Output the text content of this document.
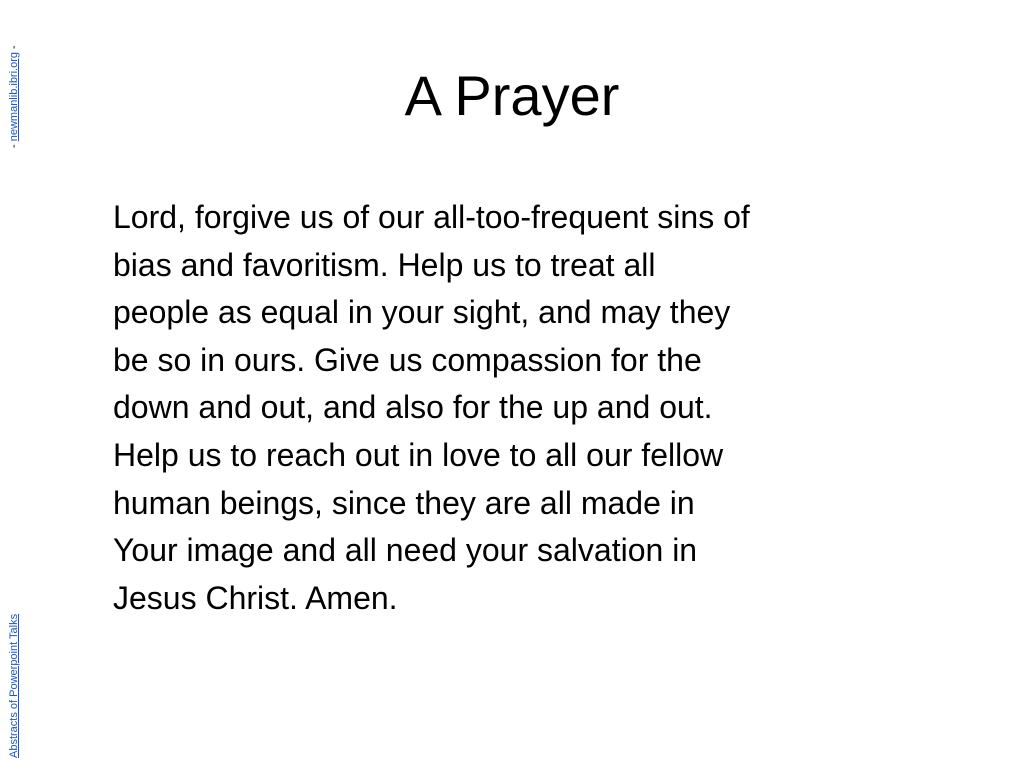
A Prayer

Lord, forgive us of our all-too-frequent sins of
bias and favoritism. Help us to treat all
people as equal in your sight, and may they
be so in ours. Give us compassion for the
down and out, and also for the up and out.
Help us to reach out in love to all our fellow
human beings, since they are all made in
Your image and all need your salvation in
Jesus Christ. Amen.

- newmanlib.ibri.org -
Abstracts of Powerpoint Talks
